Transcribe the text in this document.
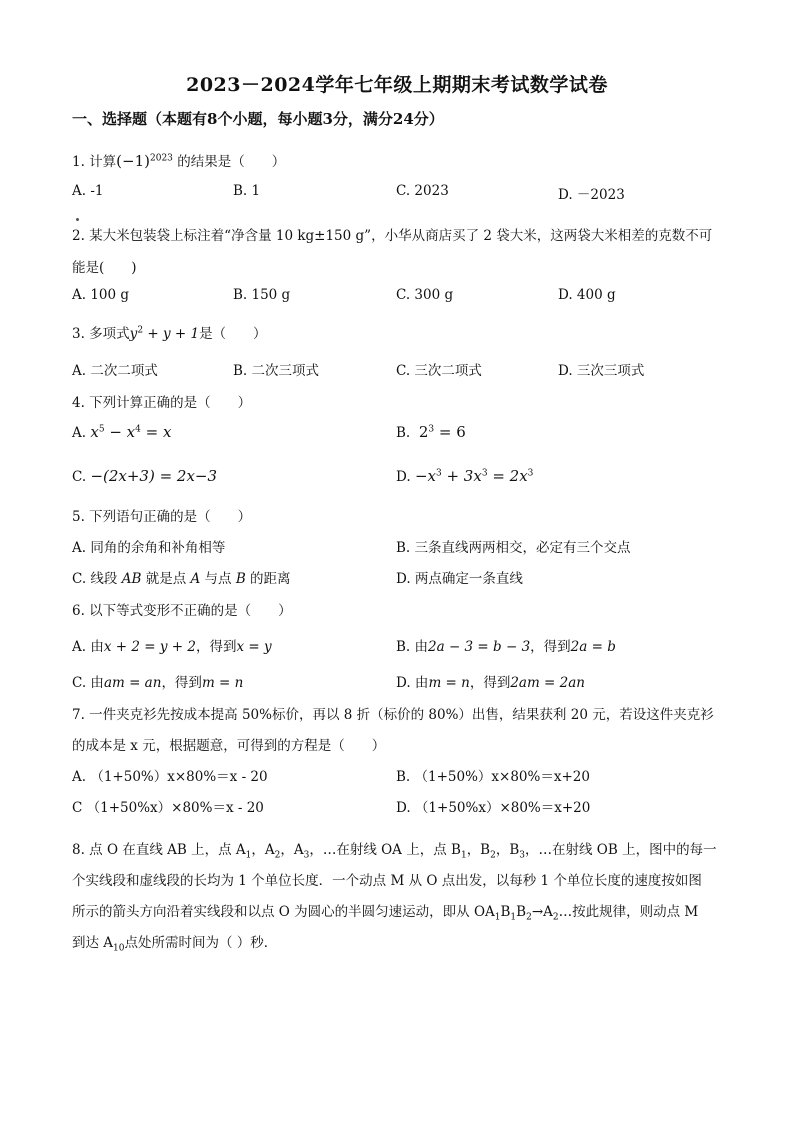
2023－2024学年七年级上期期末考试数学试卷
一、选择题（本题有8个小题，每小题3分，满分24分）
1. 计算$(-1)^{2023}$ 的结果是（　　）
A. -1	B. 1	C. 2023	D. －2023
2. 某大米包装袋上标注着“净含量 10 kg±150 g”，小华从商店买了 2 袋大米，这两袋大米相差的克数不可
能是(　　)
A. 100 g	B. 150 g	C. 300 g	D. 400 g
3. 多项式$y^2 + y + 1$是（　　）
A. 二次二项式	B. 二次三项式	C. 三次二项式	D. 三次三项式
4. 下列计算正确的是（　　）
A. $x^5 - x^4 = x$	B. $2^3 = 6$
C. −(2x+3) = 2x−3	D. $-x^3 + 3x^3 = 2x^3$
5. 下列语句正确的是（　　）
A. 同角的余角和补角相等	B. 三条直线两两相交，必定有三个交点
C. 线段 AB 就是点 A 与点 B 的距离	D. 两点确定一条直线
6. 以下等式变形不正确的是（　　）
A. 由x + 2 = y + 2，得到x = y	B. 由2a − 3 = b − 3，得到2a = b
C. 由am = an，得到m = n	D. 由m = n，得到2am = 2an
7. 一件夹克衫先按成本提高 50%标价，再以 8 折（标价的 80%）出售，结果获利 20 元，若设这件夹克衫
的成本是 x 元，根据题意，可得到的方程是（　　）
A. （1+50%）x×80%＝x - 20	B. （1+50%）x×80%＝x+20
C （1+50%x）×80%＝x - 20	D. （1+50%x）×80%＝x+20
8. 点 O 在直线 AB 上，点 $A_1$，$A_2$，$A_3$，…在射线 OA 上，点 $B_1$，$B_2$，$B_3$，…在射线 OB 上，图中的每一
个实线段和虚线段的长均为 1 个单位长度．一个动点 M 从 O 点出发，以每秒 1 个单位长度的速度按如图
所示的箭头方向沿着实线段和以点 O 为圆心的半圆匀速运动，即从 $OA_1B_1B_2\to A_2\dots$按此规律，则动点 M
到达 $A_{10}$点处所需时间为（ ）秒．
